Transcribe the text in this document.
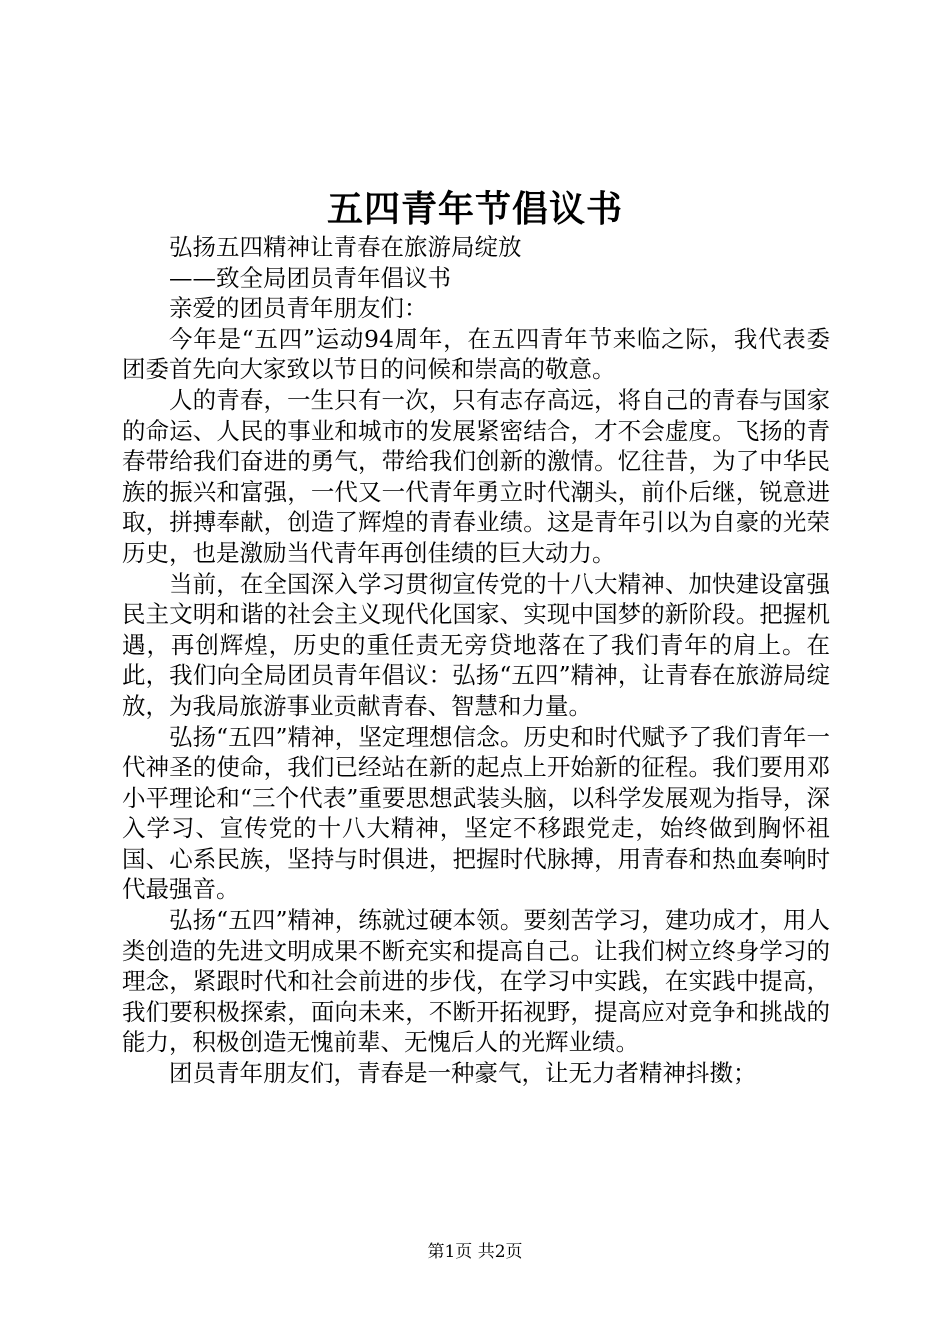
五四青年节倡议书

弘扬五四精神让青春在旅游局绽放

——致全局团员青年倡议书

亲爱的团员青年朋友们：

今年是“五四”运动94周年，在五四青年节来临之际，我代表委团委首先向大家致以节日的问候和崇高的敬意。

人的青春，一生只有一次，只有志存高远，将自己的青春与国家的命运、人民的事业和城市的发展紧密结合，才不会虚度。飞扬的青春带给我们奋进的勇气，带给我们创新的激情。忆往昔，为了中华民族的振兴和富强，一代又一代青年勇立时代潮头，前仆后继，锐意进取，拼搏奉献，创造了辉煌的青春业绩。这是青年引以为自豪的光荣历史，也是激励当代青年再创佳绩的巨大动力。

当前，在全国深入学习贯彻宣传党的十八大精神、加快建设富强民主文明和谐的社会主义现代化国家、实现中国梦的新阶段。把握机遇，再创辉煌，历史的重任责无旁贷地落在了我们青年的肩上。在此，我们向全局团员青年倡议：弘扬“五四”精神，让青春在旅游局绽放，为我局旅游事业贡献青春、智慧和力量。

弘扬“五四”精神，坚定理想信念。历史和时代赋予了我们青年一代神圣的使命，我们已经站在新的起点上开始新的征程。我们要用邓小平理论和“三个代表”重要思想武装头脑，以科学发展观为指导，深入学习、宣传党的十八大精神，坚定不移跟党走，始终做到胸怀祖国、心系民族，坚持与时俱进，把握时代脉搏，用青春和热血奏响时代最强音。

弘扬“五四”精神，练就过硬本领。要刻苦学习，建功成才，用人类创造的先进文明成果不断充实和提高自己。让我们树立终身学习的理念，紧跟时代和社会前进的步伐，在学习中实践，在实践中提高，我们要积极探索，面向未来，不断开拓视野，提高应对竞争和挑战的能力，积极创造无愧前辈、无愧后人的光辉业绩。

团员青年朋友们，青春是一种豪气，让无力者精神抖擞；

第1页 共2页
